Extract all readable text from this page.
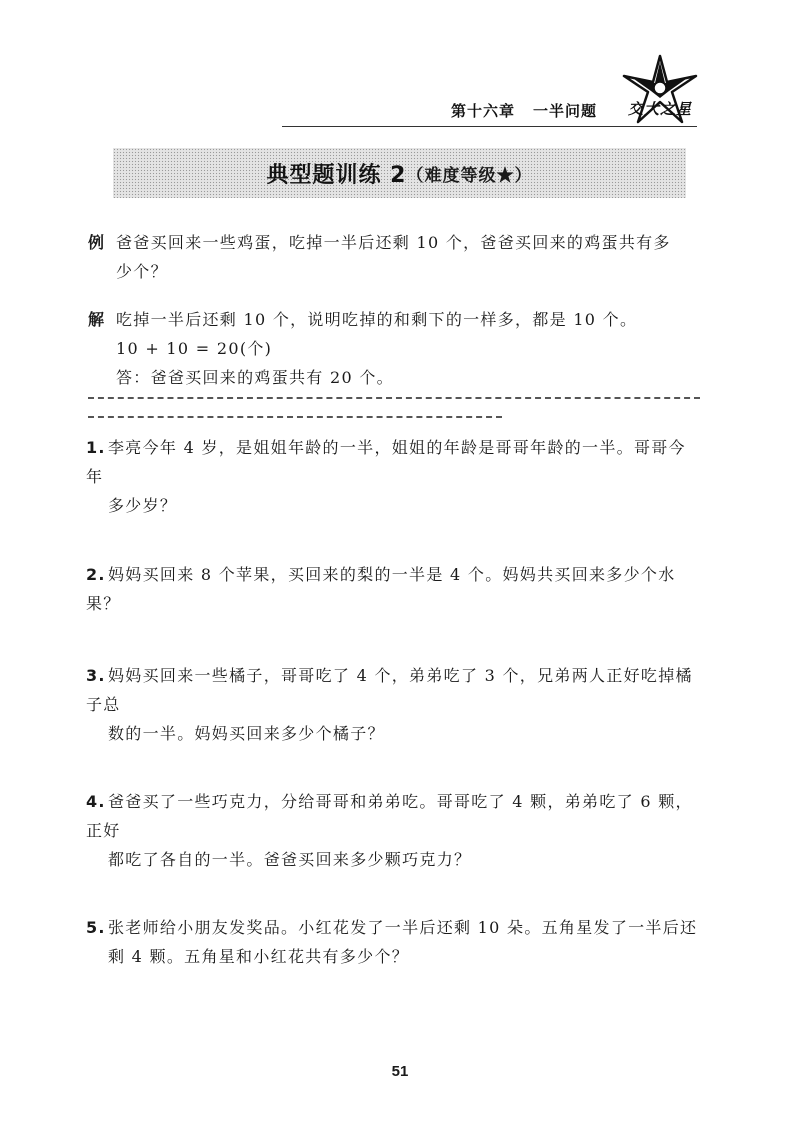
第十六章 一半问题 交大之星
典型题训练 2 （难度等级★）
例 爸爸买回来一些鸡蛋，吃掉一半后还剩 10 个，爸爸买回来的鸡蛋共有多
少个？
解 吃掉一半后还剩 10 个，说明吃掉的和剩下的一样多，都是 10 个。
10 + 10 = 20(个)
答：爸爸买回来的鸡蛋共有 20 个。
1. 李亮今年 4 岁，是姐姐年龄的一半，姐姐的年龄是哥哥年龄的一半。哥哥今年
多少岁？
2. 妈妈买回来 8 个苹果，买回来的梨的一半是 4 个。妈妈共买回来多少个水果？
3. 妈妈买回来一些橘子，哥哥吃了 4 个，弟弟吃了 3 个，兄弟两人正好吃掉橘子总
数的一半。妈妈买回来多少个橘子？
4. 爸爸买了一些巧克力，分给哥哥和弟弟吃。哥哥吃了 4 颗，弟弟吃了 6 颗，正好
都吃了各自的一半。爸爸买回来多少颗巧克力？
5. 张老师给小朋友发奖品。小红花发了一半后还剩 10 朵。五角星发了一半后还
剩 4 颗。五角星和小红花共有多少个？
51
